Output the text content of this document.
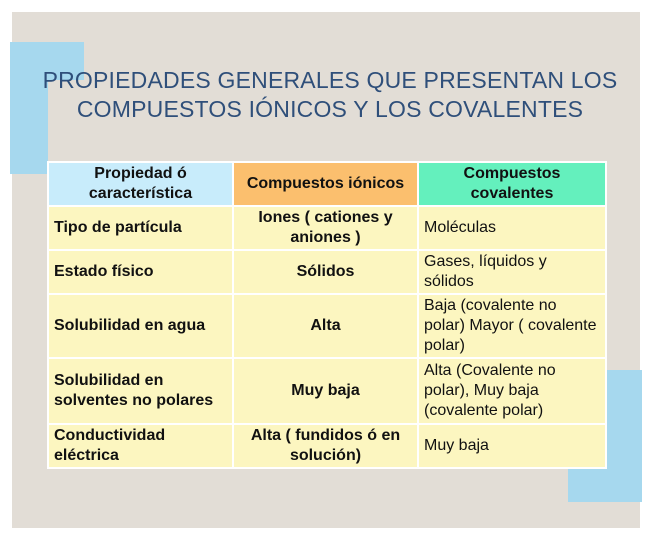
PROPIEDADES GENERALES QUE PRESENTAN LOS COMPUESTOS IÓNICOS Y LOS COVALENTES
Propiedad ó característica	Compuestos iónicos	Compuestos covalentes
Tipo de partícula	Iones ( cationes y aniones )	Moléculas
Estado físico	Sólidos	Gases, líquidos y sólidos
Solubilidad en agua	Alta	Baja (covalente no polar) Mayor ( covalente polar)
Solubilidad en solventes no polares	Muy baja	Alta (Covalente no polar), Muy baja (covalente polar)
Conductividad eléctrica	Alta ( fundidos ó en solución)	Muy baja
